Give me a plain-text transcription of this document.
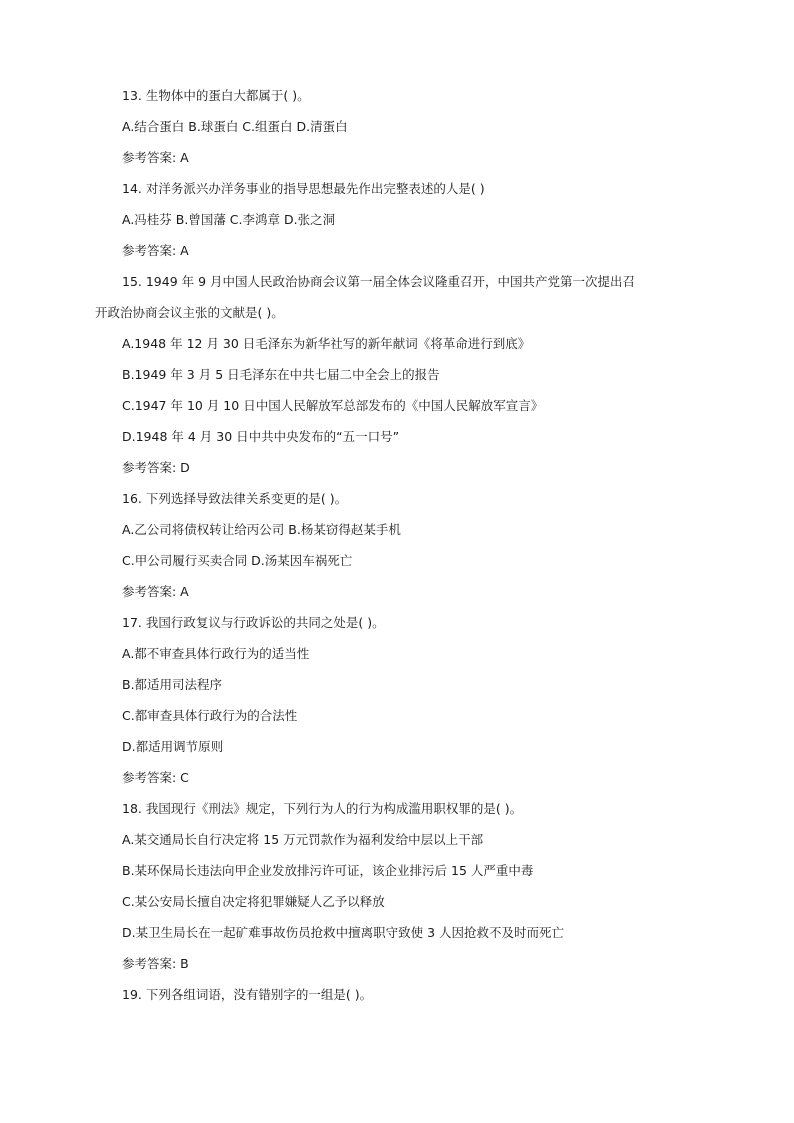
13. 生物体中的蛋白大都属于( )。
A.结合蛋白 B.球蛋白 C.组蛋白 D.清蛋白
参考答案: A
14. 对洋务派兴办洋务事业的指导思想最先作出完整表述的人是( )
A.冯桂芬 B.曾国藩 C.李鸿章 D.张之洞
参考答案: A
15. 1949 年 9 月中国人民政治协商会议第一届全体会议隆重召开，中国共产党第一次提出召
开政治协商会议主张的文献是( )。
A.1948 年 12 月 30 日毛泽东为新华社写的新年献词《将革命进行到底》
B.1949 年 3 月 5 日毛泽东在中共七届二中全会上的报告
C.1947 年 10 月 10 日中国人民解放军总部发布的《中国人民解放军宣言》
D.1948 年 4 月 30 日中共中央发布的“五一口号”
参考答案: D
16. 下列选择导致法律关系变更的是( )。
A.乙公司将债权转让给丙公司 B.杨某窃得赵某手机
C.甲公司履行买卖合同 D.汤某因车祸死亡
参考答案: A
17. 我国行政复议与行政诉讼的共同之处是( )。
A.都不审查具体行政行为的适当性
B.都适用司法程序
C.都审查具体行政行为的合法性
D.都适用调节原则
参考答案: C
18. 我国现行《刑法》规定，下列行为人的行为构成滥用职权罪的是( )。
A.某交通局长自行决定将 15 万元罚款作为福利发给中层以上干部
B.某环保局长违法向甲企业发放排污许可证，该企业排污后 15 人严重中毒
C.某公安局长擅自决定将犯罪嫌疑人乙予以释放
D.某卫生局长在一起矿难事故伤员抢救中擅离职守致使 3 人因抢救不及时而死亡
参考答案: B
19. 下列各组词语，没有错别字的一组是( )。
